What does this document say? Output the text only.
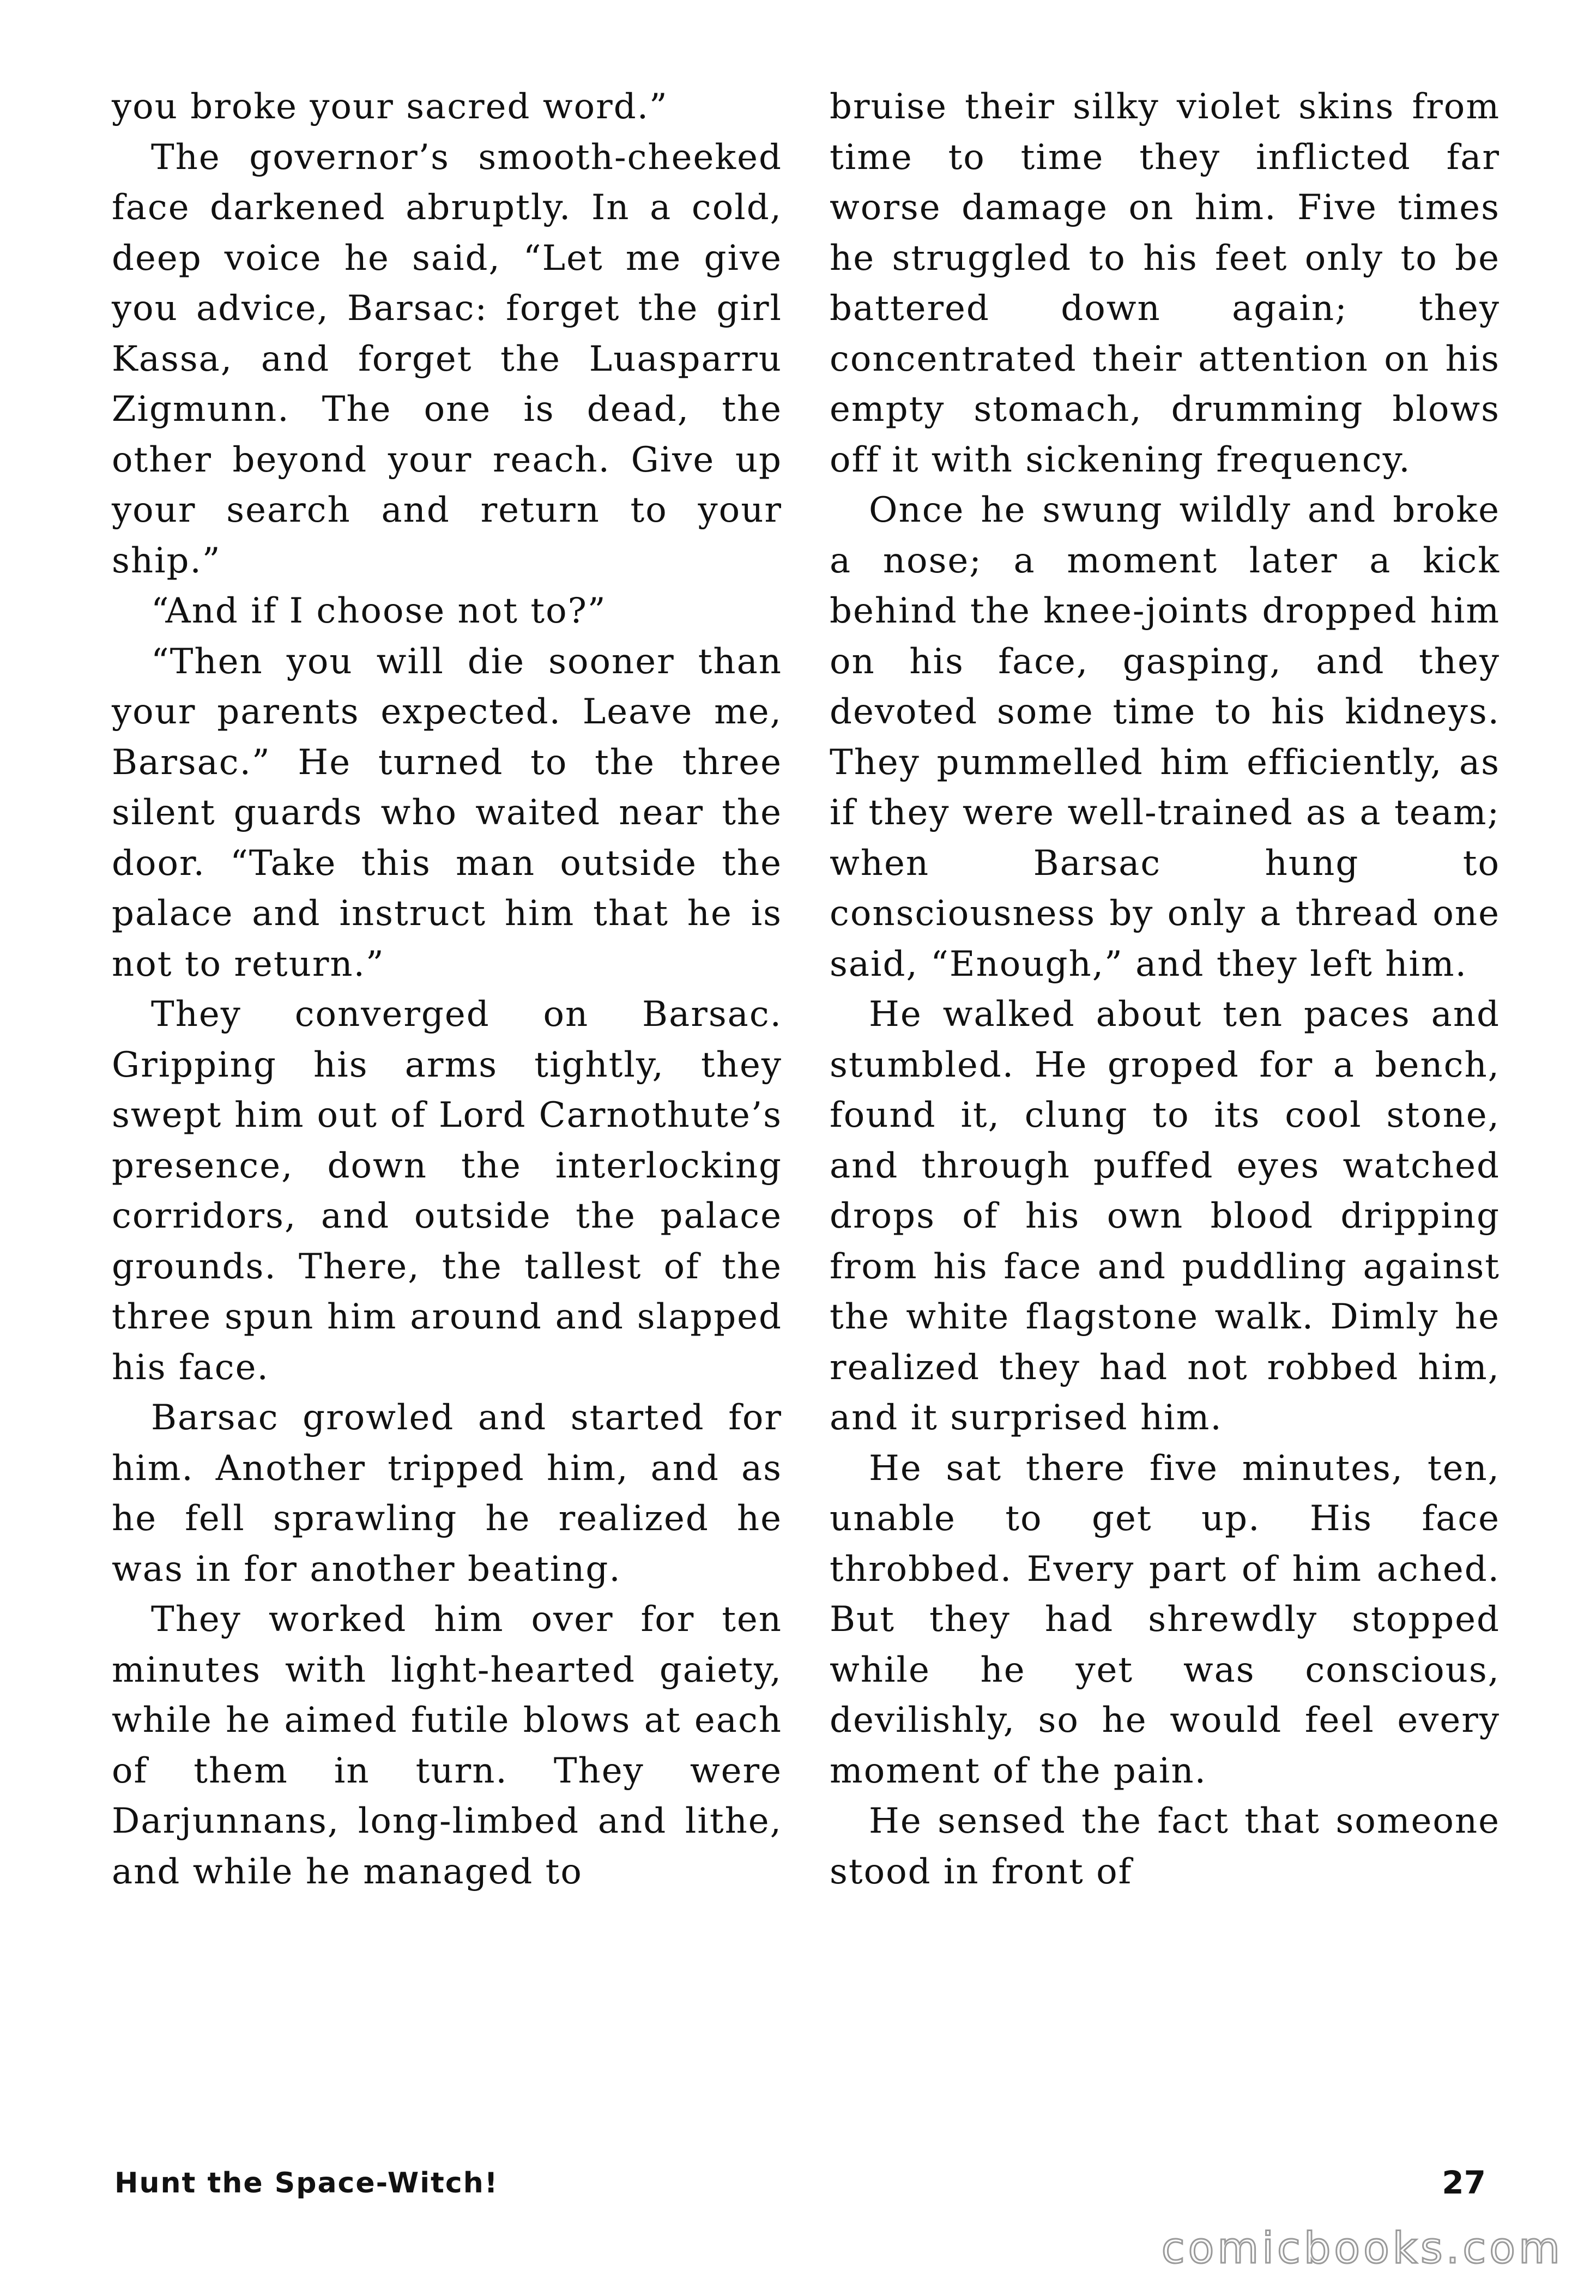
you broke your sacred word.”

The governor’s smooth-cheeked face darkened abruptly. In a cold, deep voice he said, “Let me give you advice, Barsac: forget the girl Kassa, and forget the Luasparru Zigmunn. The one is dead, the other beyond your reach. Give up your search and return to your ship.”

“And if I choose not to?”

“Then you will die sooner than your parents expected. Leave me, Barsac.” He turned to the three silent guards who waited near the door. “Take this man outside the palace and instruct him that he is not to return.”

They converged on Barsac. Gripping his arms tightly, they swept him out of Lord Carnothute’s presence, down the interlocking corridors, and outside the palace grounds. There, the tallest of the three spun him around and slapped his face.

Barsac growled and started for him. Another tripped him, and as he fell sprawling he realized he was in for another beating.

They worked him over for ten minutes with light-hearted gaiety, while he aimed futile blows at each of them in turn. They were Darjunnans, long-limbed and lithe, and while he managed to

bruise their silky violet skins from time to time they inflicted far worse damage on him. Five times he struggled to his feet only to be battered down again; they concentrated their attention on his empty stomach, drumming blows off it with sickening frequency.

Once he swung wildly and broke a nose; a moment later a kick behind the knee-joints dropped him on his face, gasping, and they devoted some time to his kidneys. They pummelled him efficiently, as if they were well-trained as a team; when Barsac hung to consciousness by only a thread one said, “Enough,” and they left him.

He walked about ten paces and stumbled. He groped for a bench, found it, clung to its cool stone, and through puffed eyes watched drops of his own blood dripping from his face and puddling against the white flagstone walk. Dimly he realized they had not robbed him, and it surprised him.

He sat there five minutes, ten, unable to get up. His face throbbed. Every part of him ached. But they had shrewdly stopped while he yet was conscious, devilishly, so he would feel every moment of the pain.

He sensed the fact that someone stood in front of

Hunt the Space-Witch!	27
comicbooks.com
